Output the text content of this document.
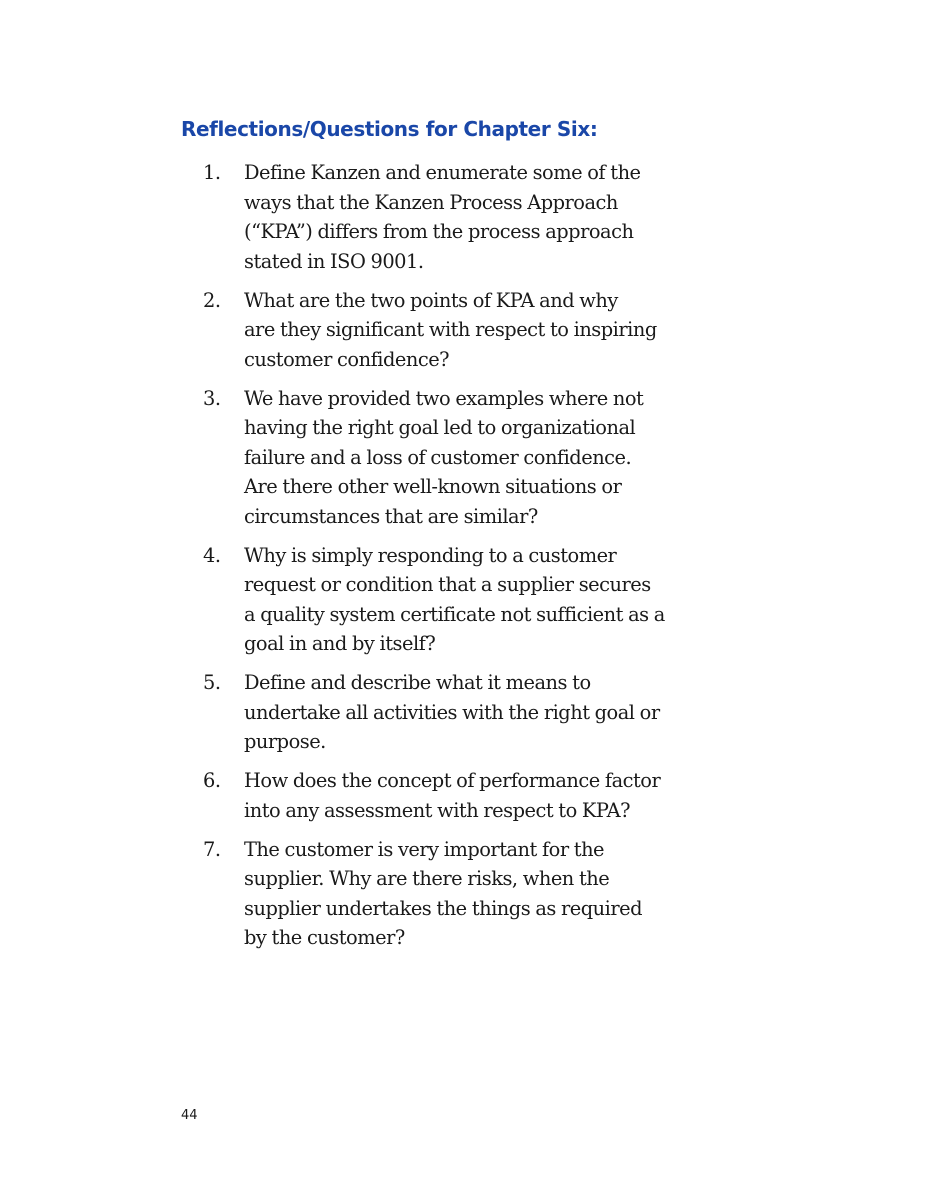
Reflections/Questions for Chapter Six:
1. Define Kanzen and enumerate some of the
ways that the Kanzen Process Approach
(“KPA”) differs from the process approach
stated in ISO 9001.
2. What are the two points of KPA and why
are they significant with respect to inspiring
customer confidence?
3. We have provided two examples where not
having the right goal led to organizational
failure and a loss of customer confidence.
Are there other well-known situations or
circumstances that are similar?
4. Why is simply responding to a customer
request or condition that a supplier secures
a quality system certificate not sufficient as a
goal in and by itself?
5. Define and describe what it means to
undertake all activities with the right goal or
purpose.
6. How does the concept of performance factor
into any assessment with respect to KPA?
7. The customer is very important for the
supplier. Why are there risks, when the
supplier undertakes the things as required
by the customer?
44
